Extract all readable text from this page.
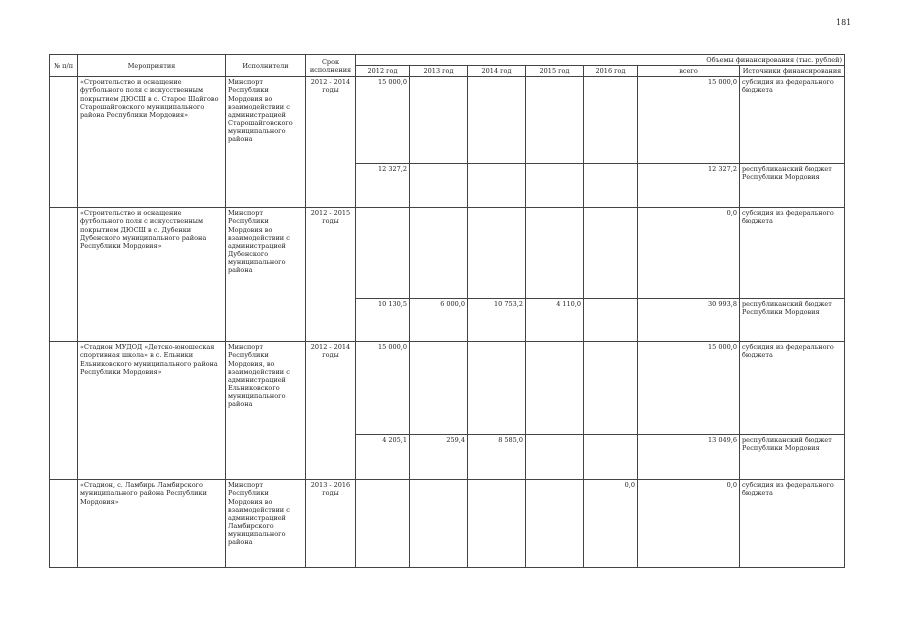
181
№ п/п	Мероприятия	Исполнители	Срок исполнения	Объемы финансирования (тыс. рублей)						
				2012 год	2013 год	2014 год	2015 год	2016 год	всего	Источники финансирования
	«Строительство и оснащение футбольного поля с искусственным покрытием ДЮСШ в с. Старое Шайгово Старошайговского муниципального района Республики Мордовия»	Минспорт Республики Мордовия во взаимодействии с администрацией Старошайговского муниципального района	2012 - 2014 годы	15 000,0					15 000,0	субсидия из федерального бюджета
				12 327,2					12 327,2	республиканский бюджет Республики Мордовия
	«Строительство и оснащение футбольного поля с искусственным покрытием ДЮСШ в с. Дубенки Дубенского муниципального района Республики Мордовия»	Минспорт Республики Мордовия во взаимодействии с администрацией Дубенского муниципального района	2012 - 2015 годы						0,0	субсидия из федерального бюджета
				10 130,5	6 000,0	10 753,2	4 110,0		30 993,8	республиканский бюджет Республики Мордовия
	«Стадион МУДОД «Детско-юношеская спортивная школа» в с. Ельники Ельниковского муниципального района Республики Мордовия»	Минспорт Республики Мордовия, во взаимодействии с администрацией Ельниковского муниципального района	2012 - 2014 годы	15 000,0					15 000,0	субсидия из федерального бюджета
				4 205,1	259,4	8 585,0			13 049,6	республиканский бюджет Республики Мордовия
	«Стадион, с. Ламбирь Ламбирского муниципального района Республики Мордовия»	Минспорт Республики Мордовия во взаимодействии с администрацией Ламбирского муниципального района	2013 - 2016 годы					0,0	0,0	субсидия из федерального бюджета
